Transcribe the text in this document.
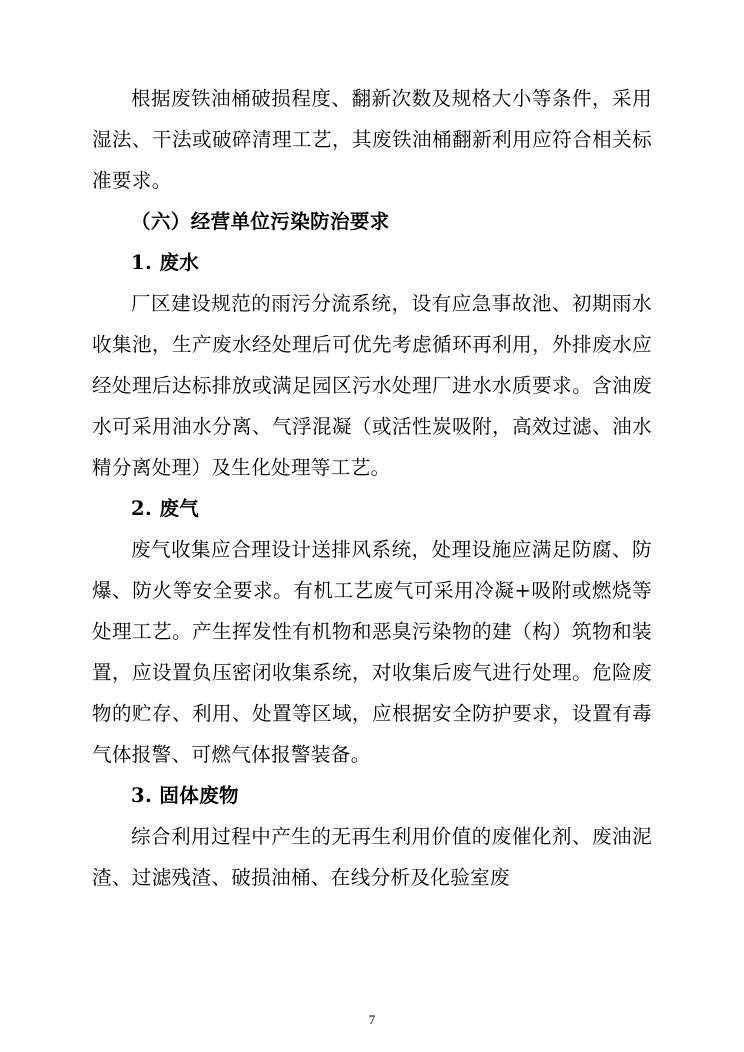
根据废铁油桶破损程度、翻新次数及规格大小等条件，采用湿法、干法或破碎清理工艺，其废铁油桶翻新利用应符合相关标准要求。

（六）经营单位污染防治要求

1. 废水

厂区建设规范的雨污分流系统，设有应急事故池、初期雨水收集池，生产废水经处理后可优先考虑循环再利用，外排废水应经处理后达标排放或满足园区污水处理厂进水水质要求。含油废水可采用油水分离、气浮混凝（或活性炭吸附，高效过滤、油水精分离处理）及生化处理等工艺。

2. 废气

废气收集应合理设计送排风系统，处理设施应满足防腐、防爆、防火等安全要求。有机工艺废气可采用冷凝+吸附或燃烧等处理工艺。产生挥发性有机物和恶臭污染物的建（构）筑物和装置，应设置负压密闭收集系统，对收集后废气进行处理。危险废物的贮存、利用、处置等区域，应根据安全防护要求，设置有毒气体报警、可燃气体报警装备。

3. 固体废物

综合利用过程中产生的无再生利用价值的废催化剂、废油泥渣、过滤残渣、破损油桶、在线分析及化验室废

7
